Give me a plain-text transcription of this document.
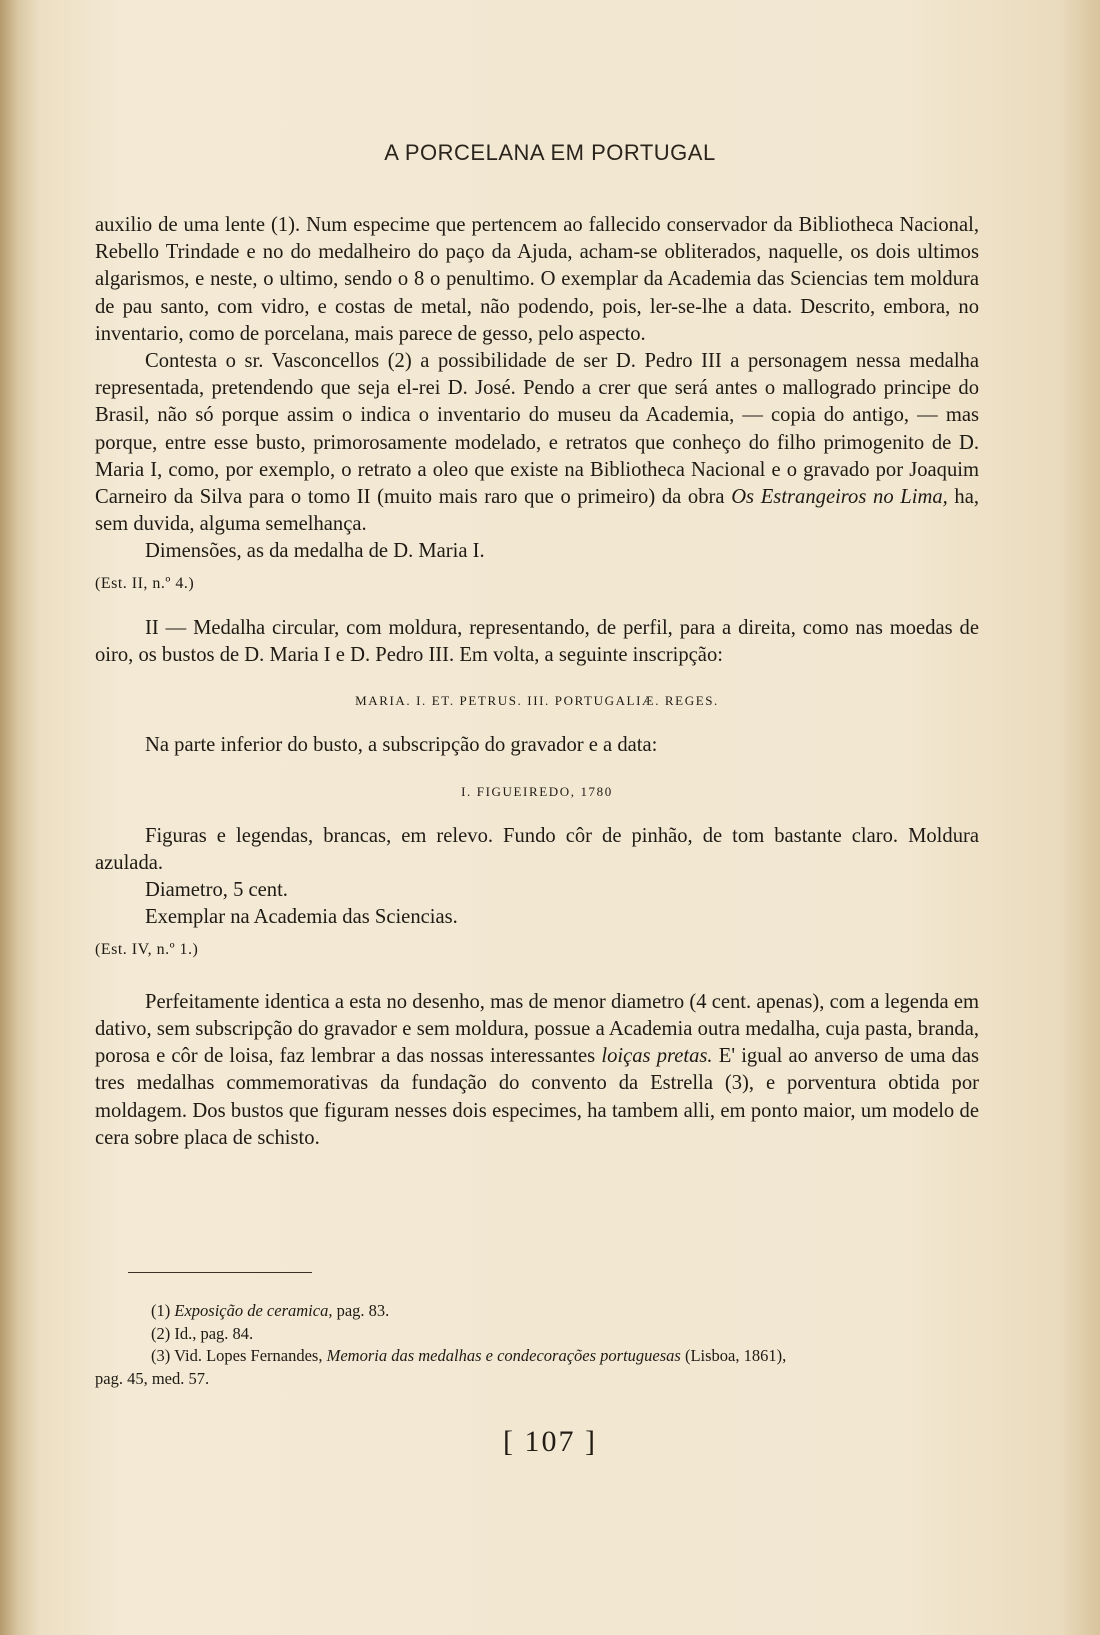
A PORCELANA EM PORTUGAL

auxilio de uma lente (1). Num especime que pertencem ao fallecido conservador da Bibliotheca Nacional, Rebello Trindade e no do medalheiro do paço da Ajuda, acham-se obliterados, naquelle, os dois ultimos algarismos, e neste, o ultimo, sendo o 8 o penultimo. O exemplar da Academia das Sciencias tem moldura de pau santo, com vidro, e costas de metal, não podendo, pois, ler-se-lhe a data. Descrito, embora, no inventario, como de porcelana, mais parece de gesso, pelo aspecto.

Contesta o sr. Vasconcellos (2) a possibilidade de ser D. Pedro III a personagem nessa medalha representada, pretendendo que seja el-rei D. José. Pendo a crer que será antes o mallogrado principe do Brasil, não só porque assim o indica o inventario do museu da Academia, — copia do antigo, — mas porque, entre esse busto, primorosamente modelado, e retratos que conheço do filho primogenito de D. Maria I, como, por exemplo, o retrato a oleo que existe na Bibliotheca Nacional e o gravado por Joaquim Carneiro da Silva para o tomo II (muito mais raro que o primeiro) da obra Os Estrangeiros no Lima, ha, sem duvida, alguma semelhança.

Dimensões, as da medalha de D. Maria I.

(Est. II, n.º 4.)

II — Medalha circular, com moldura, representando, de perfil, para a direita, como nas moedas de oiro, os bustos de D. Maria I e D. Pedro III. Em volta, a seguinte inscripção:

MARIA. I. ET. PETRUS. III. PORTUGALIÆ. REGES.

Na parte inferior do busto, a subscripção do gravador e a data:

I. FIGUEIREDO, 1780

Figuras e legendas, brancas, em relevo. Fundo côr de pinhão, de tom bastante claro. Moldura azulada.

Diametro, 5 cent.

Exemplar na Academia das Sciencias.

(Est. IV, n.º 1.)

Perfeitamente identica a esta no desenho, mas de menor diametro (4 cent. apenas), com a legenda em dativo, sem subscripção do gravador e sem moldura, possue a Academia outra medalha, cuja pasta, branda, porosa e côr de loisa, faz lembrar a das nossas interessantes loiças pretas. E' igual ao anverso de uma das tres medalhas commemorativas da fundação do convento da Estrella (3), e porventura obtida por moldagem. Dos bustos que figuram nesses dois especimes, ha tambem alli, em ponto maior, um modelo de cera sobre placa de schisto.

(1) Exposição de ceramica, pag. 83.

(2) Id., pag. 84.

(3) Vid. Lopes Fernandes, Memoria das medalhas e condecorações portuguesas (Lisboa, 1861),

pag. 45, med. 57.

[ 107 ]
